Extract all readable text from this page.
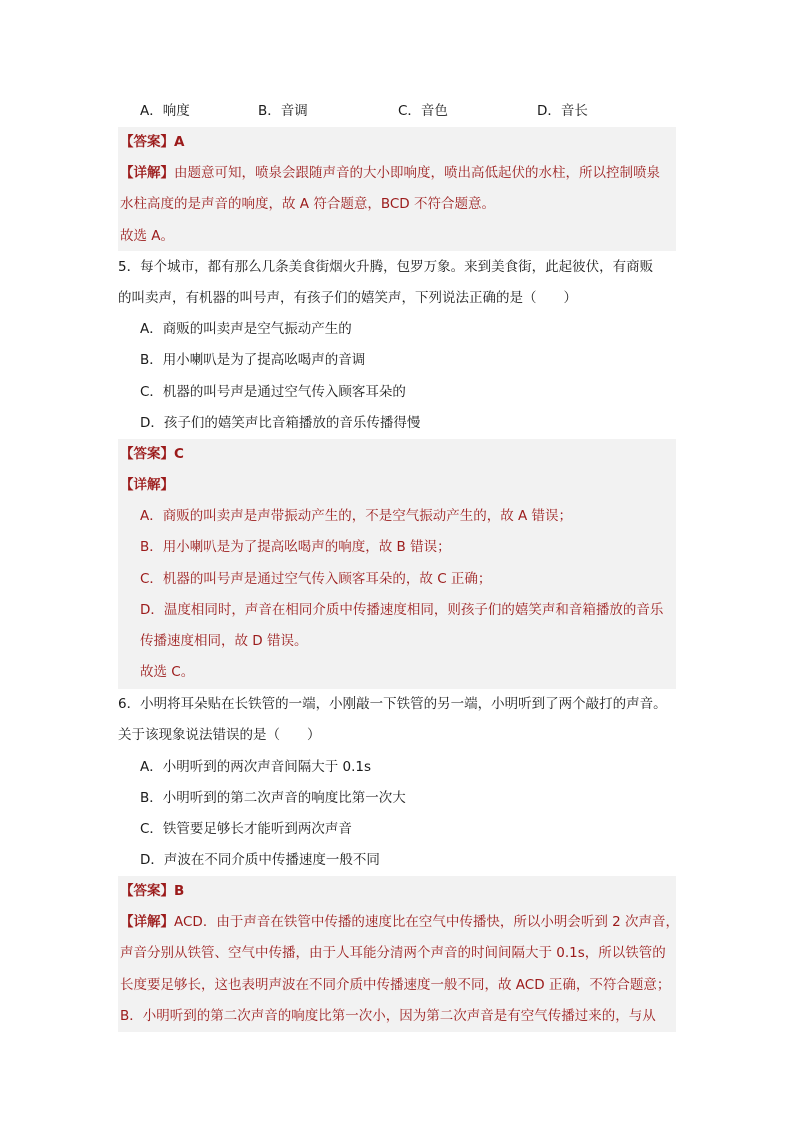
A．响度	B．音调	C．音色	D．音长
【答案】A
【详解】由题意可知，喷泉会跟随声音的大小即响度，喷出高低起伏的水柱，所以控制喷泉
水柱高度的是声音的响度，故 A 符合题意，BCD 不符合题意。
故选 A。
5．每个城市，都有那么几条美食街烟火升腾，包罗万象。来到美食街，此起彼伏，有商贩
的叫卖声，有机器的叫号声，有孩子们的嬉笑声，下列说法正确的是（　　）
A．商贩的叫卖声是空气振动产生的
B．用小喇叭是为了提高吆喝声的音调
C．机器的叫号声是通过空气传入顾客耳朵的
D．孩子们的嬉笑声比音箱播放的音乐传播得慢
【答案】C
【详解】
A．商贩的叫卖声是声带振动产生的，不是空气振动产生的，故 A 错误；
B．用小喇叭是为了提高吆喝声的响度，故 B 错误；
C．机器的叫号声是通过空气传入顾客耳朵的，故 C 正确；
D．温度相同时，声音在相同介质中传播速度相同，则孩子们的嬉笑声和音箱播放的音乐
传播速度相同，故 D 错误。
故选 C。
6．小明将耳朵贴在长铁管的一端，小刚敲一下铁管的另一端，小明听到了两个敲打的声音。
关于该现象说法错误的是（　　）
A．小明听到的两次声音间隔大于 0.1s
B．小明听到的第二次声音的响度比第一次大
C．铁管要足够长才能听到两次声音
D．声波在不同介质中传播速度一般不同
【答案】B
【详解】ACD．由于声音在铁管中传播的速度比在空气中传播快，所以小明会听到 2 次声音，
声音分别从铁管、空气中传播，由于人耳能分清两个声音的时间间隔大于 0.1s，所以铁管的
长度要足够长，这也表明声波在不同介质中传播速度一般不同，故 ACD 正确，不符合题意；
B．小明听到的第二次声音的响度比第一次小，因为第二次声音是有空气传播过来的，与从
